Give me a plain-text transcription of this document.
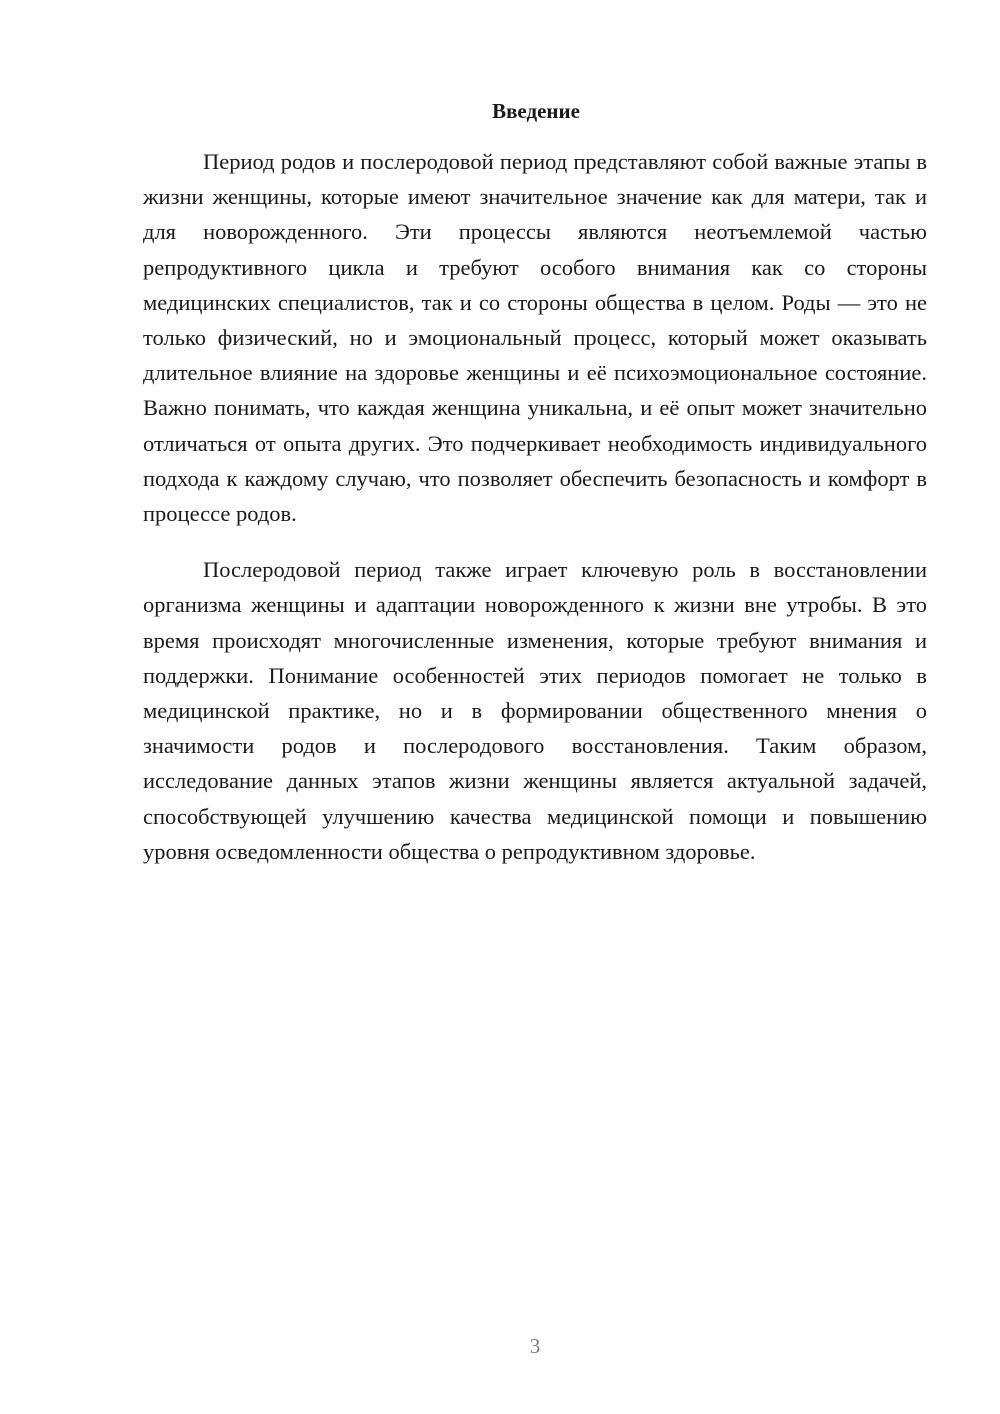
Введение

Период родов и послеродовой период представляют собой важные этапы в жизни женщины, которые имеют значительное значение как для матери, так и для новорожденного. Эти процессы являются неотъемлемой частью репродуктивного цикла и требуют особого внимания как со стороны медицинских специалистов, так и со стороны общества в целом. Роды — это не только физический, но и эмоциональный процесс, который может оказывать длительное влияние на здоровье женщины и её психоэмоциональное состояние. Важно понимать, что каждая женщина уникальна, и её опыт может значительно отличаться от опыта других. Это подчеркивает необходимость индивидуального подхода к каждому случаю, что позволяет обеспечить безопасность и комфорт в процессе родов.

Послеродовой период также играет ключевую роль в восстановлении организма женщины и адаптации новорожденного к жизни вне утробы. В это время происходят многочисленные изменения, которые требуют внимания и поддержки. Понимание особенностей этих периодов помогает не только в медицинской практике, но и в формировании общественного мнения о значимости родов и послеродового восстановления. Таким образом, исследование данных этапов жизни женщины является актуальной задачей, способствующей улучшению качества медицинской помощи и повышению уровня осведомленности общества о репродуктивном здоровье.

3
